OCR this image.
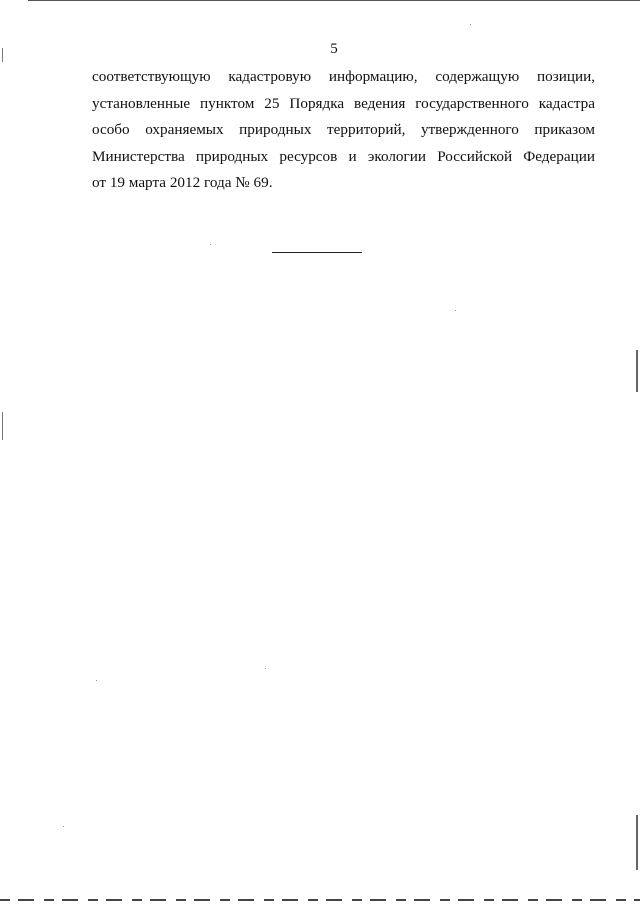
5
соответствующую кадастровую информацию, содержащую позиции,
установленные пунктом 25 Порядка ведения государственного кадастра
особо охраняемых природных территорий, утвержденного приказом
Министерства природных ресурсов и экологии Российской Федерации
от 19 марта 2012 года № 69.
